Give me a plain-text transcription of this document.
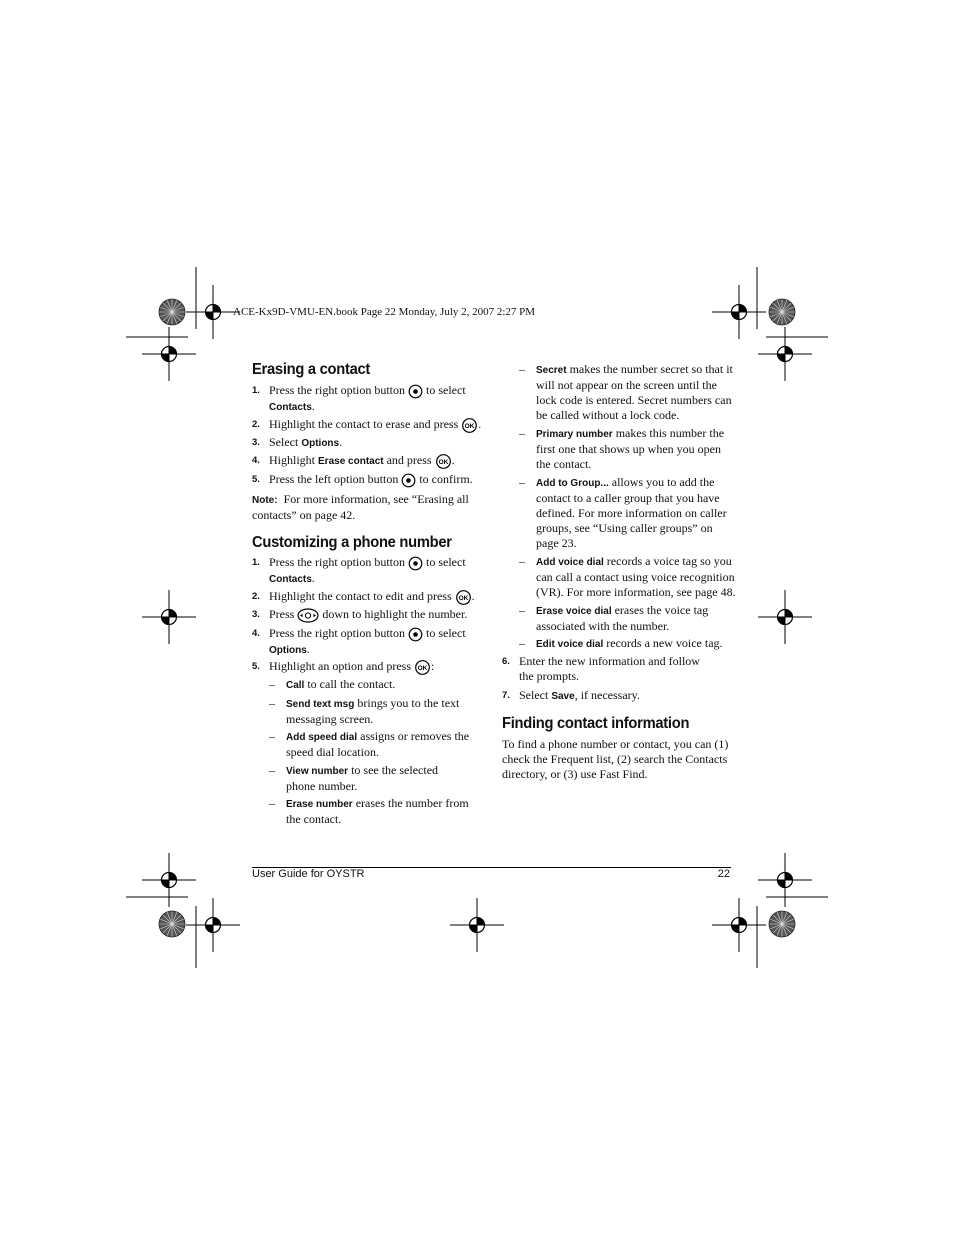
ACE-Kx9D-VMU-EN.book Page 22 Monday, July 2, 2007 2:27 PM
Erasing a contact
1. Press the right option button to select
Contacts.
2. Highlight the contact to erase and press OK .
3. Select Options.
4. Highlight Erase contact and press OK .
5. Press the left option button to confirm.
Note: For more information, see “Erasing all
contacts” on page 42.
Customizing a phone number
1. Press the right option button to select
Contacts.
2. Highlight the contact to edit and press OK .
3. Press down to highlight the number.
4. Press the right option button to select
Options.
5. Highlight an option and press OK :
– Call to call the contact.
– Send text msg brings you to the text
messaging screen.
– Add speed dial assigns or removes the
speed dial location.
– View number to see the selected
phone number.
– Erase number erases the number from
the contact.
– Secret makes the number secret so that it
will not appear on the screen until the
lock code is entered. Secret numbers can
be called without a lock code.
– Primary number makes this number the
first one that shows up when you open
the contact.
– Add to Group... allows you to add the
contact to a caller group that you have
defined. For more information on caller
groups, see “Using caller groups” on
page 23.
– Add voice dial records a voice tag so you
can call a contact using voice recognition
(VR). For more information, see page 48.
– Erase voice dial erases the voice tag
associated with the number.
– Edit voice dial records a new voice tag.
6. Enter the new information and follow
the prompts.
7. Select Save, if necessary.
Finding contact information
To find a phone number or contact, you can (1)
check the Frequent list, (2) search the Contacts
directory, or (3) use Fast Find.
User Guide for OYSTR	22
